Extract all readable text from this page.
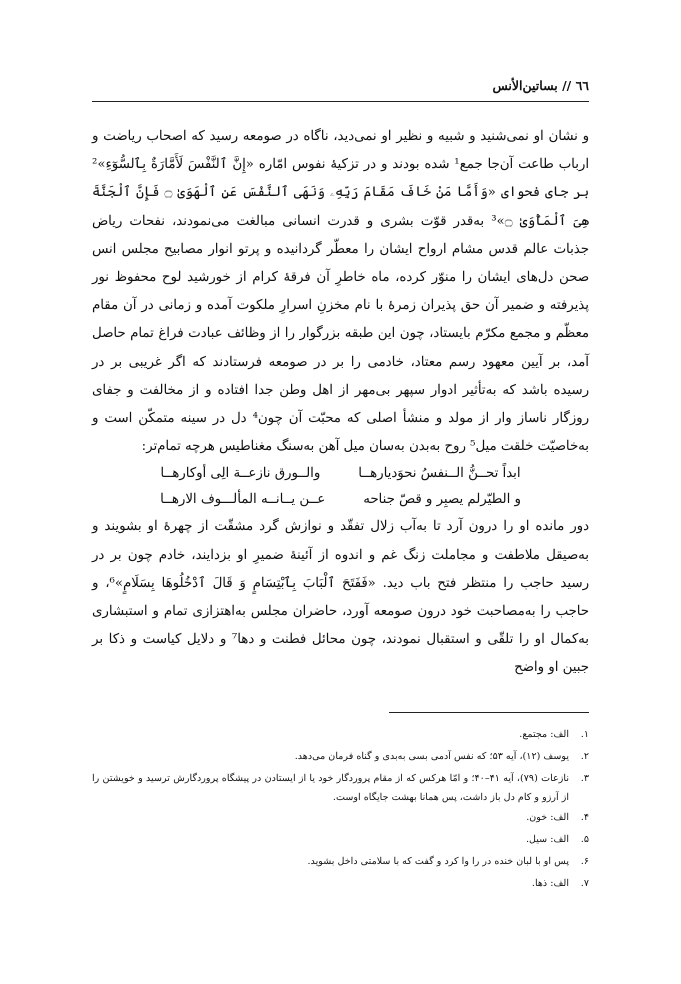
٦٦ // بساتين‌الأنس

و نشان او نمی‌شنید و شبیه و نظیر او نمی‌دید، ناگاه در صومعه رسید که اصحاب ریاضت و ارباب طاعت آن‌جا جمع¹ شده بودند و در تزکیهٔ نفوس امّاره «إِنَّ ٱلنَّفْسَ لَأَمَّارَةٌ بِٱلسُّوٓءِ»² بر جای فحوای «وَأَمَّا مَنْ خَافَ مَقَامَ رَبِّهِۦ وَنَهَى ٱلنَّفْسَ عَنِ ٱلْهَوَىٰ ۝ فَإِنَّ ٱلْجَنَّةَ هِىَ ٱلْمَأْوَىٰ ۝»³ به‌قدر قوّت بشری و قدرت انسانی مبالغت می‌نمودند، نفحات ریاض جذبات عالم قدس مشام ارواح ایشان را معطّر گردانیده و پرتو انوار مصابیح مجلس انس صحن دل‌های ایشان را منوّر کرده، ماه خاطرِ آن فرقهٔ کرام از خورشید لوح محفوظ نور پذیرفته و ضمیر آن حق پذیران زمرهٔ با نام مخزنِ اسرارِ ملکوت آمده و زمانی در آن مقام معظّم و مجمع مکرّم بایستاد، چون این طبقه بزرگوار را از وظائف عبادت فراغ تمام حاصل آمد، بر آیین معهود رسم معتاد، خادمی را بر در صومعه فرستادند که اگر غریبی بر در رسیده باشد که به‌تأثیر ادوار سپهر بی‌مهر از اهل وطن جدا افتاده و از مخالفت و جفای روزگار ناساز وار از مولد و منشأ اصلی که محبّت آن چون⁴ دل در سینه متمکّن است و به‌خاصیّت خلقت میل⁵ روح به‌بدن به‌سان میل آهن به‌سنگ مغناطیس هرچه تمام‌تر:

ابداً تحــنُّ الــنفسُ نحوَدیارهــا
والــورق نازعــة الِی أوکارهــا
و الطیّرلم یصبِر و قصّ جناحه
عــن یــانــه المألـــوف الارهــا

دور مانده او را درون آرد تا به‌آب زلال تفقّد و نوازش گرد مشقّت از چهرهٔ او بشویند و به‌صیقل ملاطفت و مجاملت زنگ غم و اندوه از آئینهٔ ضمیرِ او بزدایند، خادم چون بر در رسید حاجب را منتظر فتح باب دید. «فَفَتَحَ ٱلْبَابَ بِٱبْتِسَامٍ وَ قَالَ ٱدْخُلُوهَا بِسَلَامٍ»⁶، و حاجب را به‌مصاحبت خود درون صومعه آورد، حاضران مجلس به‌اهتزازی تمام و استبشاری به‌کمال او را تلقّی و استقبال نمودند، چون محائل فطنت و دها⁷ و دلایل کیاست و ذکا بر جبین او واضح

۱.
الف: مجتمع.
۲.
یوسف (۱۲)، آیه ۵۳؛ که نفس آدمی بسی به‌بدی و گناه فرمان می‌دهد.
۳.
نازعات (۷۹)، آیه ۴۱–۴۰؛ و امّا هرکس که از مقام پروردگار خود یا از ایستادن در پیشگاه پروردگارش ترسید و خویشتن را از آرزو و کام دل باز داشت، پس همانا بهشت جایگاه اوست.
۴.
الف: خون.
۵.
الف: سیل.
۶.
پس او با لبان خنده در را وا کرد و گفت که با سلامتی داخل بشوید.
۷.
الف: ذها.
